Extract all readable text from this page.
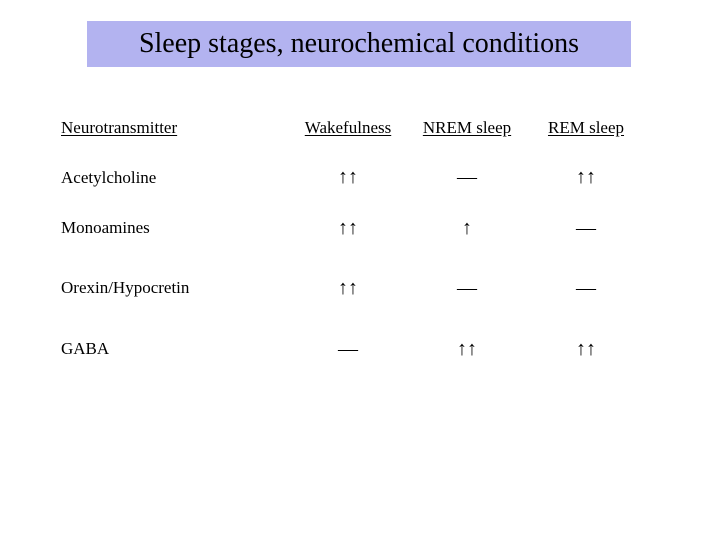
Sleep stages, neurochemical conditions
Neurotransmitter	Wakefulness	NREM sleep	REM sleep
Acetylcholine	↑↑	—	↑↑
Monoamines	↑↑	↑	—
Orexin/Hypocretin	↑↑	—	—
GABA	—	↑↑	↑↑
